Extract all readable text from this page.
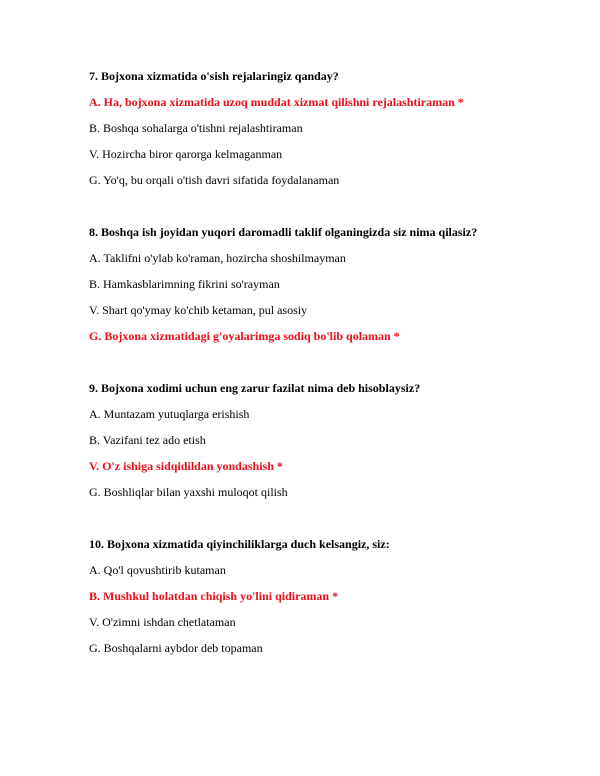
7. Bojxona xizmatida o'sish rejalaringiz qanday?
A. Ha, bojxona xizmatida uzoq muddat xizmat qilishni rejalashtiraman *
B. Boshqa sohalarga o'tishni rejalashtiraman
V. Hozircha biror qarorga kelmaganman
G. Yo'q, bu orqali o'tish davri sifatida foydalanaman
8. Boshqa ish joyidan yuqori daromadli taklif olganingizda siz nima qilasiz?
A. Taklifni o'ylab ko'raman, hozircha shoshilmayman
B. Hamkasblarimning fikrini so'rayman
V. Shart qo'ymay ko'chib ketaman, pul asosiy
G. Bojxona xizmatidagi g'oyalarimga sodiq bo'lib qolaman *
9. Bojxona xodimi uchun eng zarur fazilat nima deb hisoblaysiz?
A. Muntazam yutuqlarga erishish
B. Vazifani tez ado etish
V. O'z ishiga sidqidildan yondashish *
G. Boshliqlar bilan yaxshi muloqot qilish
10. Bojxona xizmatida qiyinchiliklarga duch kelsangiz, siz:
A. Qo'l qovushtirib kutaman
B. Mushkul holatdan chiqish yo'lini qidiraman *
V. O'zimni ishdan chetlataman
G. Boshqalarni aybdor deb topaman
